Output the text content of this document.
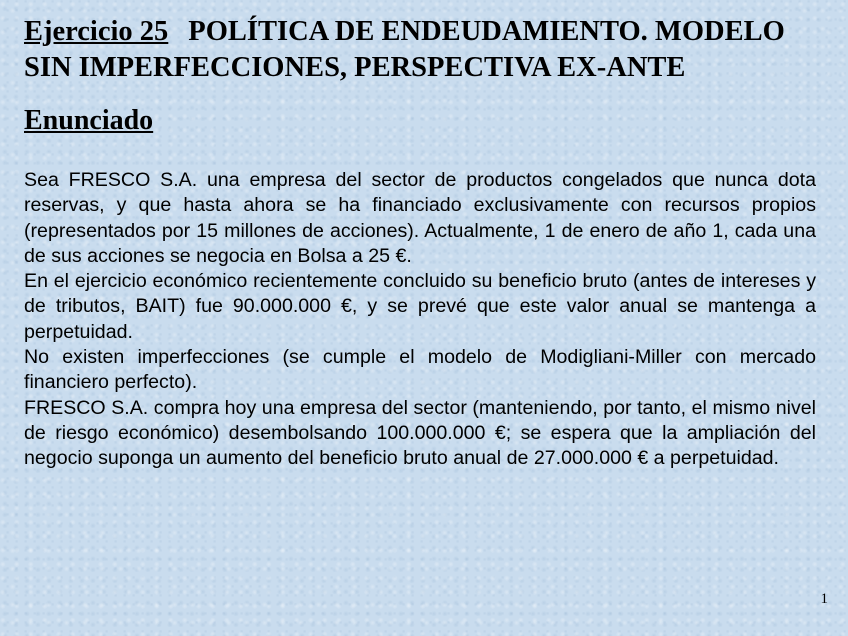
Ejercicio 25 POLÍTICA DE ENDEUDAMIENTO. MODELO SIN IMPERFECCIONES, PERSPECTIVA EX-ANTE
Enunciado

Sea FRESCO S.A. una empresa del sector de productos congelados que nunca dota reservas, y que hasta ahora se ha financiado exclusivamente con recursos propios (representados por 15 millones de acciones). Actualmente, 1 de enero de año 1, cada una de sus acciones se negocia en Bolsa a 25 €.

En el ejercicio económico recientemente concluido su beneficio bruto (antes de intereses y de tributos, BAIT) fue 90.000.000 €, y se prevé que este valor anual se mantenga a perpetuidad.

No existen imperfecciones (se cumple el modelo de Modigliani-Miller con mercado financiero perfecto).

FRESCO S.A. compra hoy una empresa del sector (manteniendo, por tanto, el mismo nivel de riesgo económico) desembolsando 100.000.000 €; se espera que la ampliación del negocio suponga un aumento del beneficio bruto anual de 27.000.000 € a perpetuidad.

1
